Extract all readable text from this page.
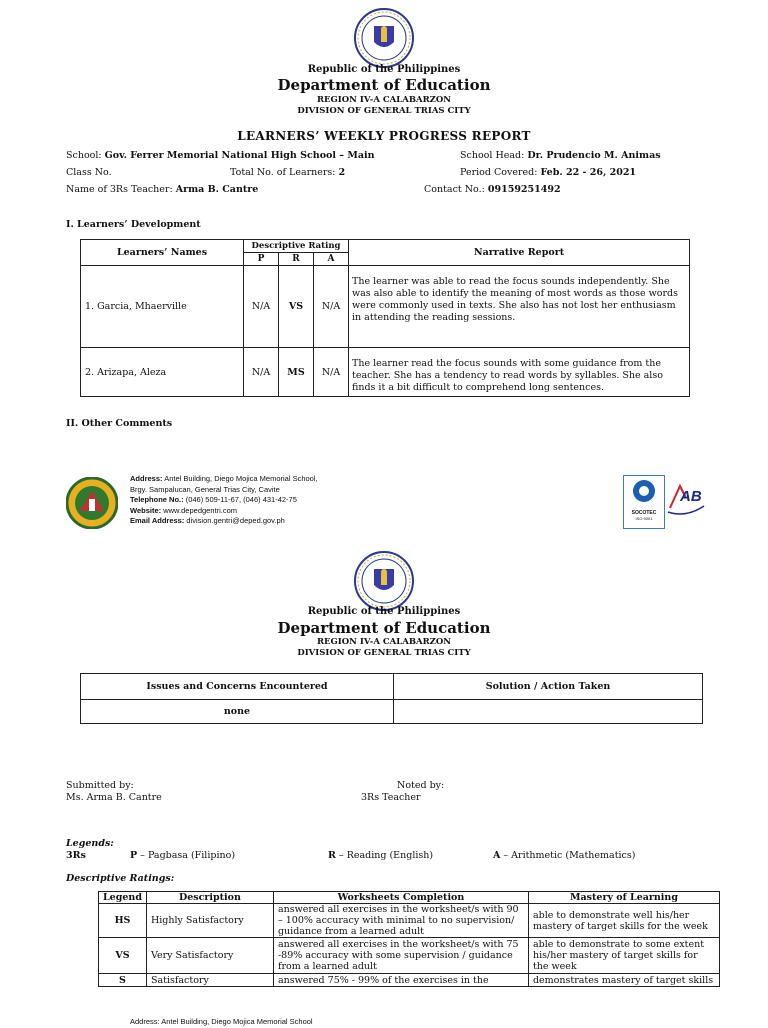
Republic of the Philippines
Department of Education
REGION IV-A CALABARZON
DIVISION OF GENERAL TRIAS CITY
LEARNERS’ WEEKLY PROGRESS REPORT
School: Gov. Ferrer Memorial National High School – Main	School Head: Dr. Prudencio M. Animas
Class No.	Total No. of Learners: 2	Period Covered: Feb. 22 - 26, 2021
Name of 3Rs Teacher: Arma B. Cantre	Contact No.: 09159251492
I. Learners’ Development
Learners’ Names	Descriptive Rating			Narrative Report
	P	R	A	
1. Garcia, Mhaerville	N/A	VS	N/A	The learner was able to read the focus sounds independently. She was also able to identify the meaning of most words as those words were commonly used in texts. She also has not lost her enthusiasm in attending the reading sessions.
2. Arizapa, Aleza	N/A	MS	N/A	The learner read the focus sounds with some guidance from the teacher. She has a tendency to read words by syllables. She also finds it a bit difficult to comprehend long sentences.
II. Other Comments
Address: Antel Building, Diego Mojica Memorial School,
Brgy. Sampalucan, General Trias City, Cavite
Telephone No.: (046) 509-11-67, (046) 431-42-75
Website: www.depedgentri.com
Email Address: division.gentri@deped.gov.ph
SOCOTEC
ISO 9001
AB
Republic of the Philippines
Department of Education
REGION IV-A CALABARZON
DIVISION OF GENERAL TRIAS CITY
Issues and Concerns Encountered	Solution / Action Taken
none	
Submitted by:
Ms. Arma B. Cantre
Noted by:
3Rs Teacher
Legends:
3Rs	P – Pagbasa (Filipino)	R – Reading (English)	A – Arithmetic (Mathematics)
Descriptive Ratings:
Legend	Description	Worksheets Completion	Mastery of Learning
HS	Highly Satisfactory	answered all exercises in the worksheet/s with 90 – 100% accuracy with minimal to no supervision/ guidance from a learned adult	able to demonstrate well his/her mastery of target skills for the week
VS	Very Satisfactory	answered all exercises in the worksheet/s with 75 -89% accuracy with some supervision / guidance from a learned adult	able to demonstrate to some extent his/her mastery of target skills for the week
S	Satisfactory	answered 75% - 99% of the exercises in the	demonstrates mastery of target skills
Address: Antel Building, Diego Mojica Memorial School
